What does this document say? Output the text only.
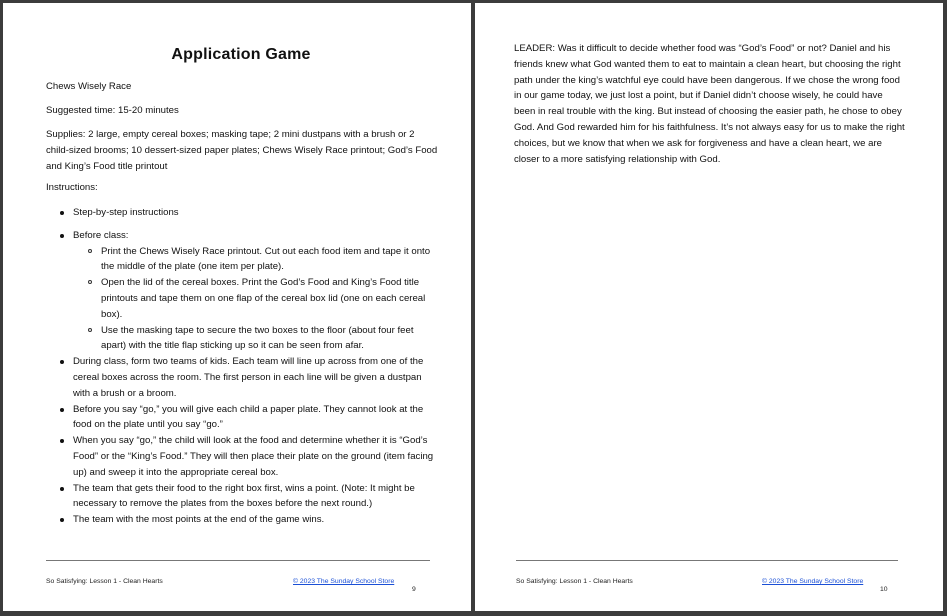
Application Game

Chews Wisely Race

Suggested time: 15-20 minutes

Supplies: 2 large, empty cereal boxes; masking tape; 2 mini dustpans with a brush or 2 child-sized brooms; 10 dessert-sized paper plates; Chews Wisely Race printout; God’s Food and King’s Food title printout

Instructions:

Step-by-step instructions
Before class:
Print the Chews Wisely Race printout. Cut out each food item and tape it onto the middle of the plate (one item per plate).
Open the lid of the cereal boxes. Print the God’s Food and King’s Food title printouts and tape them on one flap of the cereal box lid (one on each cereal box).
Use the masking tape to secure the two boxes to the floor (about four feet apart) with the title flap sticking up so it can be seen from afar.
During class, form two teams of kids. Each team will line up across from one of the cereal boxes across the room. The first person in each line will be given a dustpan with a brush or a broom.
Before you say “go,” you will give each child a paper plate. They cannot look at the food on the plate until you say “go.”
When you say “go,” the child will look at the food and determine whether it is “God’s Food” or the “King’s Food.” They will then place their plate on the ground (item facing up) and sweep it into the appropriate cereal box.
The team that gets their food to the right box first, wins a point. (Note: It might be necessary to remove the plates from the boxes before the next round.)
The team with the most points at the end of the game wins.
So Satisfying: Lesson 1 - Clean Hearts	© 2023 The Sunday School Store
9

LEADER: Was it difficult to decide whether food was “God’s Food” or not? Daniel and his friends knew what God wanted them to eat to maintain a clean heart, but choosing the right path under the king’s watchful eye could have been dangerous. If we chose the wrong food in our game today, we just lost a point, but if Daniel didn’t choose wisely, he could have been in real trouble with the king. But instead of choosing the easier path, he chose to obey God. And God rewarded him for his faithfulness. It’s not always easy for us to make the right choices, but we know that when we ask for forgiveness and have a clean heart, we are closer to a more satisfying relationship with God.

So Satisfying: Lesson 1 - Clean Hearts	© 2023 The Sunday School Store
10
